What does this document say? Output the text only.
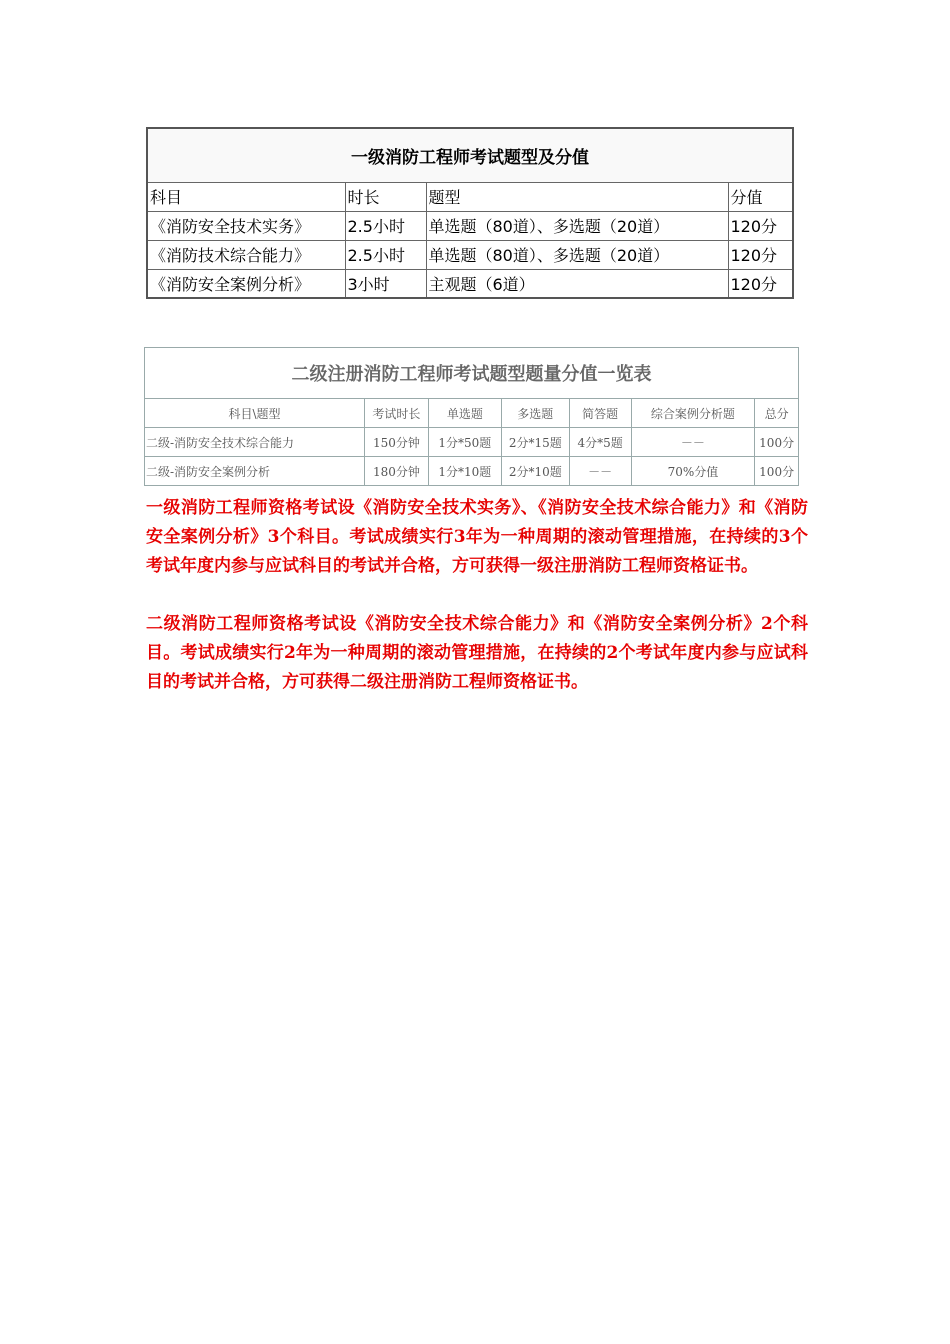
一级消防工程师考试题型及分值			
科目	时长	题型	分值
《消防安全技术实务》	2.5小时	单选题（80道）、多选题（20道）	120分
《消防技术综合能力》	2.5小时	单选题（80道）、多选题（20道）	120分
《消防安全案例分析》	3小时	主观题（6道）	120分
二级注册消防工程师考试题型题量分值一览表						
科目\题型	考试时长	单选题	多选题	简答题	综合案例分析题	总分
二级-消防安全技术综合能力	150分钟	1分*50题	2分*15题	4分*5题	－－	100分
二级-消防安全案例分析	180分钟	1分*10题	2分*10题	－－	70%分值	100分

一级消防工程师资格考试设《消防安全技术实务》、《消防安全技术综合能力》和《消防安全案例分析》3个科目。考试成绩实行3年为一种周期的滚动管理措施，在持续的3个考试年度内参与应试科目的考试并合格，方可获得一级注册消防工程师资格证书。

二级消防工程师资格考试设《消防安全技术综合能力》和《消防安全案例分析》2个科目。考试成绩实行2年为一种周期的滚动管理措施，在持续的2个考试年度内参与应试科目的考试并合格，方可获得二级注册消防工程师资格证书。
